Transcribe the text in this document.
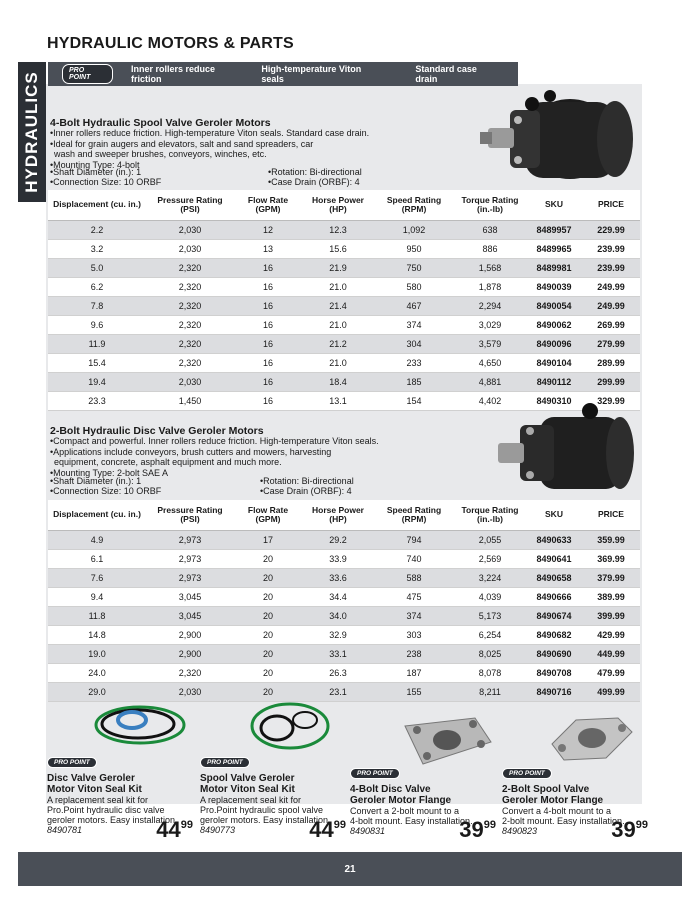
HYDRAULIC MOTORS & PARTS
HYDRAULICS
PRO POINT
Inner rollers reduce friction
High-temperature Viton seals
Standard case drain
4-Bolt Hydraulic Spool Valve Geroler Motors
•Inner rollers reduce friction. High-temperature Viton seals. Standard case drain.
•Ideal for grain augers and elevators, salt and sand spreaders, car
wash and sweeper brushes, conveyors, winches, etc.
•Mounting Type: 4-bolt
•Shaft Diameter (in.): 1
•Connection Size: 10 ORBF
•Rotation: Bi-directional
•Case Drain (ORBF): 4
Displacement (cu. in.)	Pressure Rating (PSI)	Flow Rate (GPM)	Horse Power (HP)	Speed Rating (RPM)	Torque Rating (in.-lb)	SKU	PRICE
2.2	2,030	12	12.3	1,092	638	8489957	229.99
3.2	2,030	13	15.6	950	886	8489965	239.99
5.0	2,320	16	21.9	750	1,568	8489981	239.99
6.2	2,320	16	21.0	580	1,878	8490039	249.99
7.8	2,320	16	21.4	467	2,294	8490054	249.99
9.6	2,320	16	21.0	374	3,029	8490062	269.99
11.9	2,320	16	21.2	304	3,579	8490096	279.99
15.4	2,320	16	21.0	233	4,650	8490104	289.99
19.4	2,030	16	18.4	185	4,881	8490112	299.99
23.3	1,450	16	13.1	154	4,402	8490310	329.99
2-Bolt Hydraulic Disc Valve Geroler Motors
•Compact and powerful. Inner rollers reduce friction. High-temperature Viton seals.
•Applications include conveyors, brush cutters and mowers, harvesting
equipment, concrete, asphalt equipment and much more.
•Mounting Type: 2-bolt SAE A
•Shaft Diameter (in.): 1
•Connection Size: 10 ORBF
•Rotation: Bi-directional
•Case Drain (ORBF): 4
Displacement (cu. in.)	Pressure Rating (PSI)	Flow Rate (GPM)	Horse Power (HP)	Speed Rating (RPM)	Torque Rating (in.-lb)	SKU	PRICE
4.9	2,973	17	29.2	794	2,055	8490633	359.99
6.1	2,973	20	33.9	740	2,569	8490641	369.99
7.6	2,973	20	33.6	588	3,224	8490658	379.99
9.4	3,045	20	34.4	475	4,039	8490666	389.99
11.8	3,045	20	34.0	374	5,173	8490674	399.99
14.8	2,900	20	32.9	303	6,254	8490682	429.99
19.0	2,900	20	33.1	238	8,025	8490690	449.99
24.0	2,320	20	26.3	187	8,078	8490708	479.99
29.0	2,030	20	23.1	155	8,211	8490716	499.99
PRO POINT
Disc Valve Geroler
Motor Viton Seal Kit
A replacement seal kit for
Pro.Point hydraulic disc valve
geroler motors. Easy installation.
8490781	$44^{99}$
PRO POINT
Spool Valve Geroler
Motor Viton Seal Kit
A replacement seal kit for
Pro.Point hydraulic spool valve
geroler motors. Easy installation.
8490773	$44^{99}$
PRO POINT
4-Bolt Disc Valve
Geroler Motor Flange
Convert a 2-bolt mount to a
4-bolt mount. Easy installation.
8490831	$39^{99}$
PRO POINT
2-Bolt Spool Valve
Geroler Motor Flange
Convert a 4-bolt mount to a
2-bolt mount. Easy installation.
8490823	$39^{99}$
21
